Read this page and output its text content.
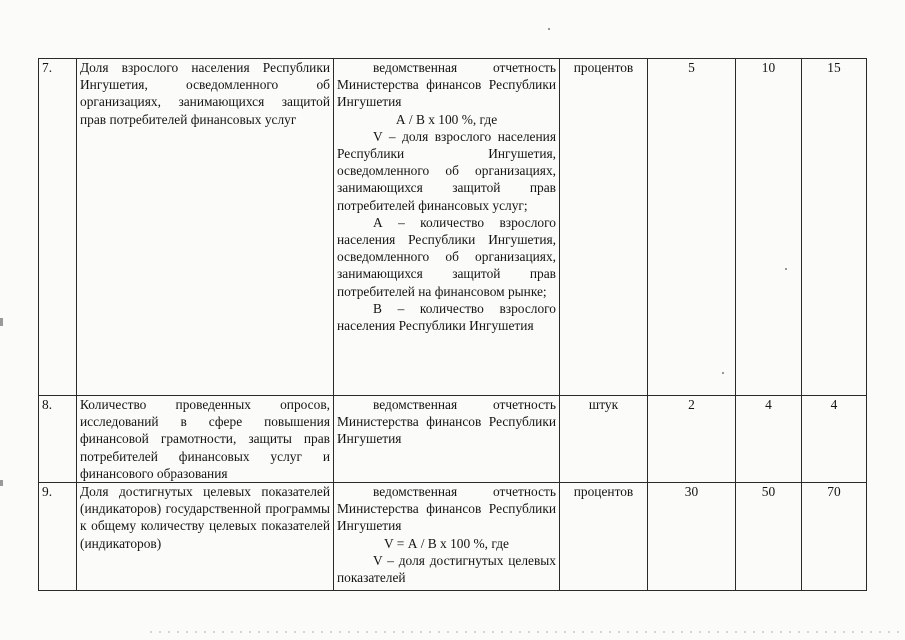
7.	Доля взрослого населения Республики Ингушетия, осведомленного об организациях, занимающихся защитой прав потребителей финансовых услуг	ведомственная отчетность Министерства финансов Республики Ингушетия

А / В х 100 %, где

V – доля взрослого населения Республики Ингушетия, осведомленного об организациях, занимающихся защитой прав потребителей финансовых услуг;

А – количество взрослого населения Республики Ингушетия, осведомленного об организациях, занимающихся защитой прав потребителей на финансовом рынке;

В – количество взрослого населения Республики Ингушетия	процентов	5	10	15
8.	Количество проведенных опросов, исследований в сфере повышения финансовой грамотности, защиты прав потребителей финансовых услуг и финансового образования	ведомственная отчетность Министерства финансов Республики Ингушетия	штук	2	4	4
9.	Доля достигнутых целевых показателей (индикаторов) государственной программы к общему количеству целевых показателей (индикаторов)	ведомственная отчетность Министерства финансов Республики Ингушетия

V = А / В х 100 %, где

V – доля достигнутых целевых показателей	процентов	30	50	70
